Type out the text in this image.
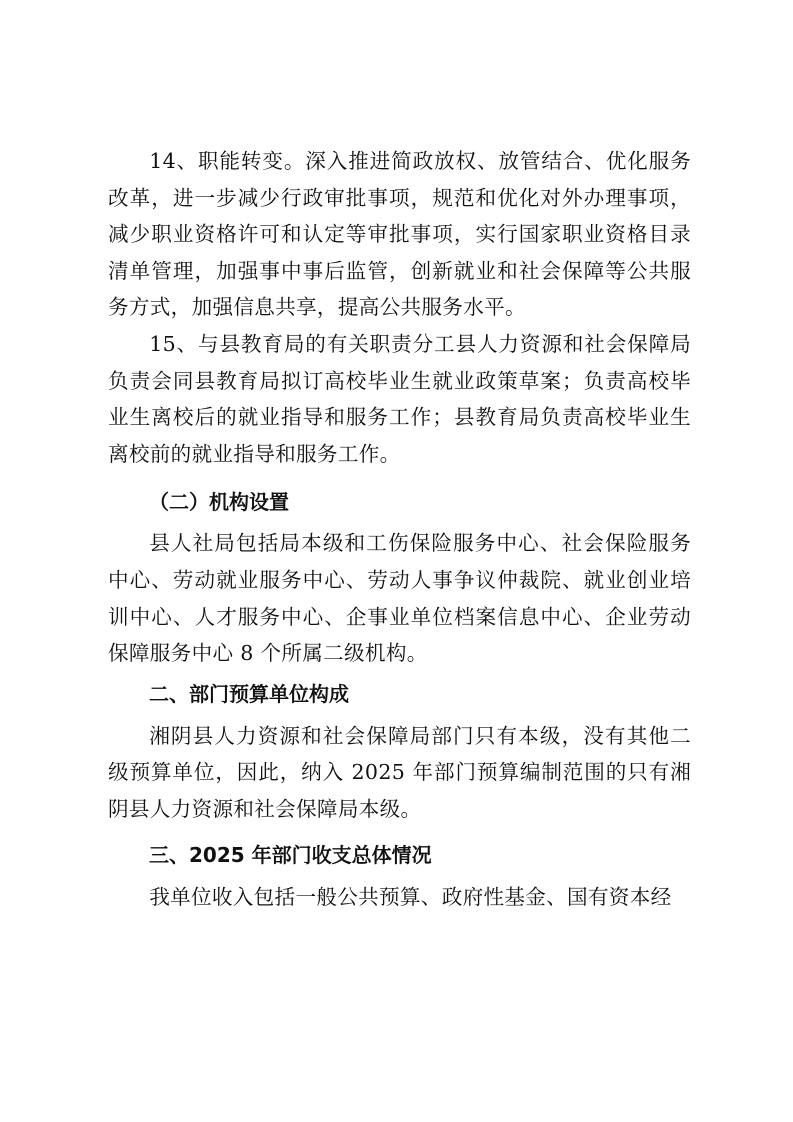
14、职能转变。深入推进简政放权、放管结合、优化服务改革，进一步减少行政审批事项，规范和优化对外办理事项，减少职业资格许可和认定等审批事项，实行国家职业资格目录清单管理，加强事中事后监管，创新就业和社会保障等公共服务方式，加强信息共享，提高公共服务水平。

15、与县教育局的有关职责分工县人力资源和社会保障局负责会同县教育局拟订高校毕业生就业政策草案；负责高校毕业生离校后的就业指导和服务工作；县教育局负责高校毕业生离校前的就业指导和服务工作。

（二）机构设置

县人社局包括局本级和工伤保险服务中心、社会保险服务中心、劳动就业服务中心、劳动人事争议仲裁院、就业创业培训中心、人才服务中心、企事业单位档案信息中心、企业劳动保障服务中心 8 个所属二级机构。

二、部门预算单位构成

湘阴县人力资源和社会保障局部门只有本级，没有其他二级预算单位，因此，纳入 2025 年部门预算编制范围的只有湘阴县人力资源和社会保障局本级。

三、2025 年部门收支总体情况

我单位收入包括一般公共预算、政府性基金、国有资本经
